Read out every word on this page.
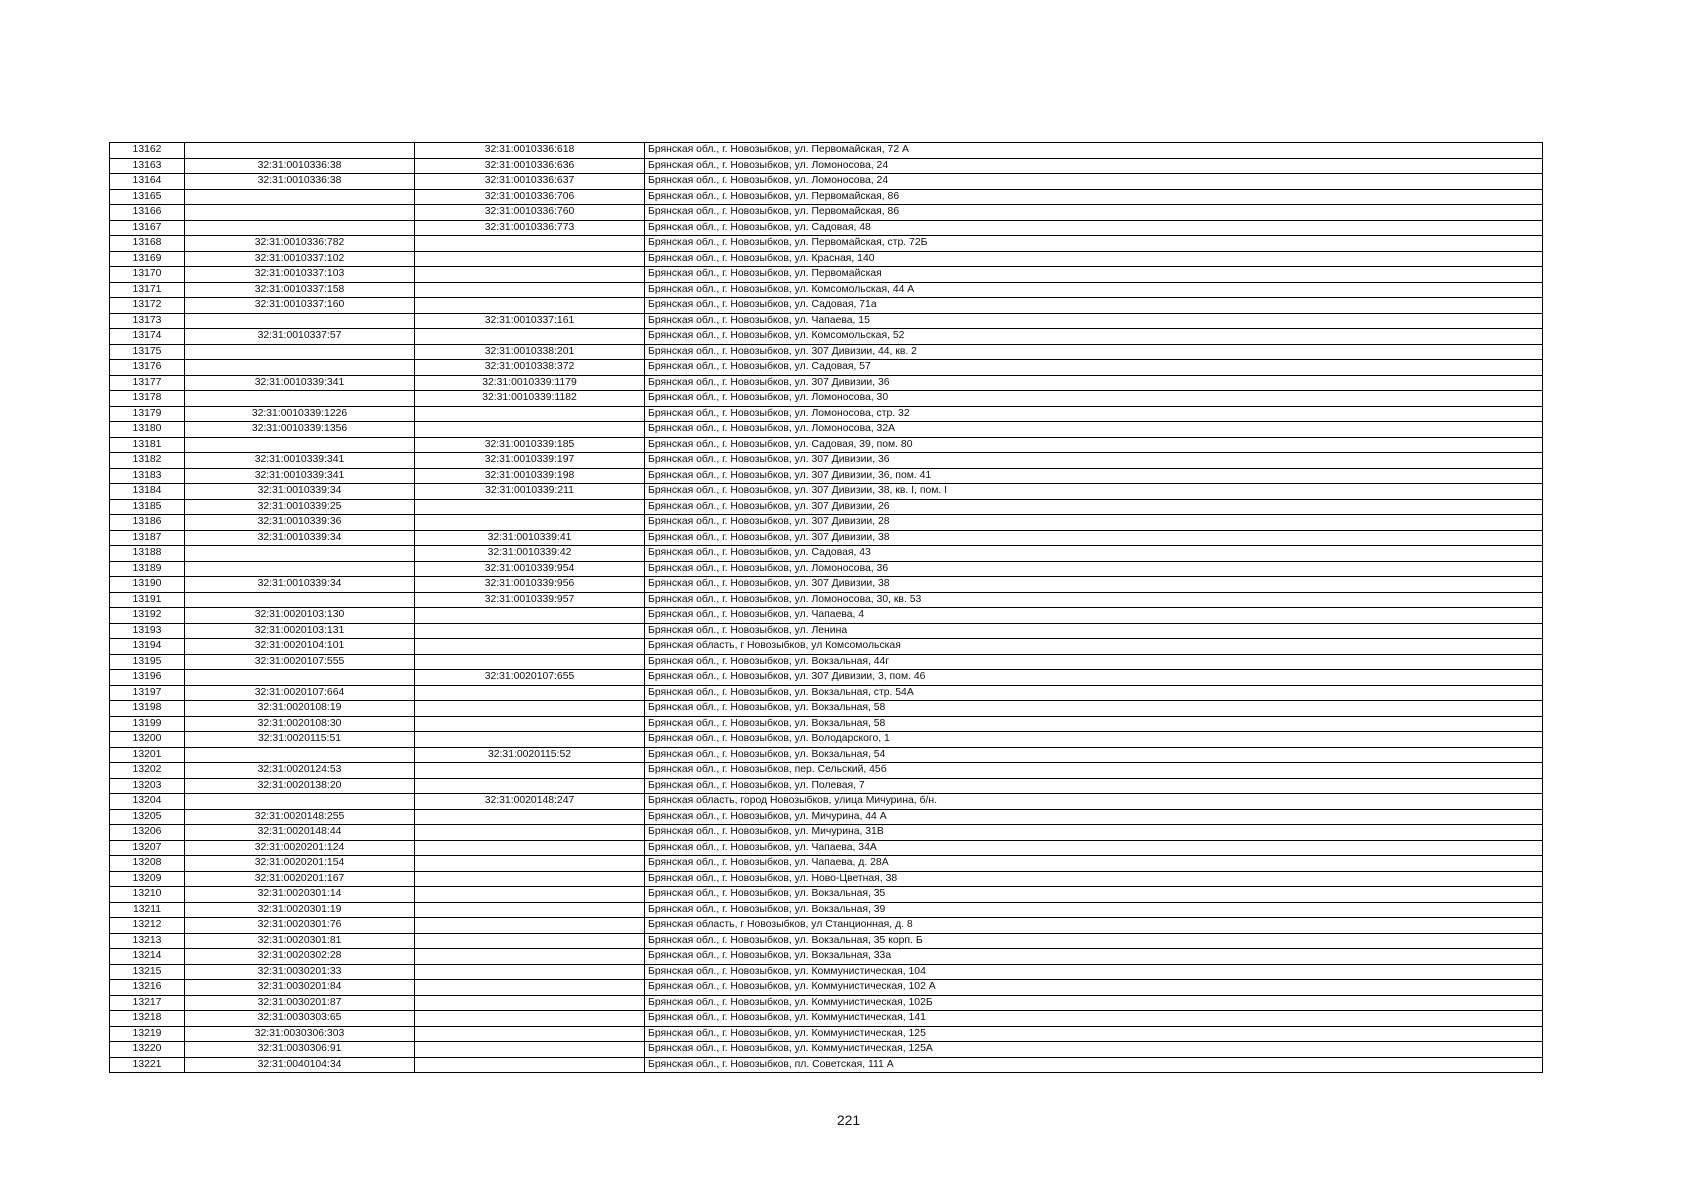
13162		32:31:0010336:618	Брянская обл., г. Новозыбков, ул. Первомайская, 72 А
13163	32:31:0010336:38	32:31:0010336:636	Брянская обл., г. Новозыбков, ул. Ломоносова, 24
13164	32:31:0010336:38	32:31:0010336:637	Брянская обл., г. Новозыбков, ул. Ломоносова, 24
13165		32:31:0010336:706	Брянская обл., г. Новозыбков, ул. Первомайская, 86
13166		32:31:0010336:760	Брянская обл., г. Новозыбков, ул. Первомайская, 86
13167		32:31:0010336:773	Брянская обл., г. Новозыбков, ул. Садовая, 48
13168	32:31:0010336:782		Брянская обл., г. Новозыбков, ул. Первомайская, стр. 72Б
13169	32:31:0010337:102		Брянская обл., г. Новозыбков, ул. Красная, 140
13170	32:31:0010337:103		Брянская обл., г. Новозыбков, ул. Первомайская
13171	32:31:0010337:158		Брянская обл., г. Новозыбков, ул. Комсомольская, 44 А
13172	32:31:0010337:160		Брянская обл., г. Новозыбков, ул. Садовая, 71а
13173		32:31:0010337:161	Брянская обл., г. Новозыбков, ул. Чапаева, 15
13174	32:31:0010337:57		Брянская обл., г. Новозыбков, ул. Комсомольская, 52
13175		32:31:0010338:201	Брянская обл., г. Новозыбков, ул. 307 Дивизии, 44, кв. 2
13176		32:31:0010338:372	Брянская обл., г. Новозыбков, ул. Садовая, 57
13177	32:31:0010339:341	32:31:0010339:1179	Брянская обл., г. Новозыбков, ул. 307 Дивизии, 36
13178		32:31:0010339:1182	Брянская обл., г. Новозыбков, ул. Ломоносова, 30
13179	32:31:0010339:1226		Брянская обл., г. Новозыбков, ул. Ломоносова, стр. 32
13180	32:31:0010339:1356		Брянская обл., г. Новозыбков, ул. Ломоносова, 32А
13181		32:31:0010339:185	Брянская обл., г. Новозыбков, ул. Садовая, 39, пом. 80
13182	32:31:0010339:341	32:31:0010339:197	Брянская обл., г. Новозыбков, ул. 307 Дивизии, 36
13183	32:31:0010339:341	32:31:0010339:198	Брянская обл., г. Новозыбков, ул. 307 Дивизии, 36, пом. 41
13184	32:31:0010339:34	32:31:0010339:211	Брянская обл., г. Новозыбков, ул. 307 Дивизии, 38, кв. I, пом. I
13185	32:31:0010339:25		Брянская обл., г. Новозыбков, ул. 307 Дивизии, 26
13186	32:31:0010339:36		Брянская обл., г. Новозыбков, ул. 307 Дивизии, 28
13187	32:31:0010339:34	32:31:0010339:41	Брянская обл., г. Новозыбков, ул. 307 Дивизии, 38
13188		32:31:0010339:42	Брянская обл., г. Новозыбков, ул. Садовая, 43
13189		32:31:0010339:954	Брянская обл., г. Новозыбков, ул. Ломоносова, 36
13190	32:31:0010339:34	32:31:0010339:956	Брянская обл., г. Новозыбков, ул. 307 Дивизии, 38
13191		32:31:0010339:957	Брянская обл., г. Новозыбков, ул. Ломоносова, 30, кв. 53
13192	32:31:0020103:130		Брянская обл., г. Новозыбков, ул. Чапаева, 4
13193	32:31:0020103:131		Брянская обл., г. Новозыбков, ул. Ленина
13194	32:31:0020104:101		Брянская область, г Новозыбков, ул Комсомольская
13195	32:31:0020107:555		Брянская обл., г. Новозыбков, ул. Вокзальная, 44г
13196		32:31:0020107:655	Брянская обл., г. Новозыбков, ул. 307 Дивизии, 3, пом. 46
13197	32:31:0020107:664		Брянская обл., г. Новозыбков, ул. Вокзальная, стр. 54А
13198	32:31:0020108:19		Брянская обл., г. Новозыбков, ул. Вокзальная, 58
13199	32:31:0020108:30		Брянская обл., г. Новозыбков, ул. Вокзальная, 58
13200	32:31:0020115:51		Брянская обл., г. Новозыбков, ул. Володарского, 1
13201		32:31:0020115:52	Брянская обл., г. Новозыбков, ул. Вокзальная, 54
13202	32:31:0020124:53		Брянская обл., г. Новозыбков, пер. Сельский, 45б
13203	32:31:0020138:20		Брянская обл., г. Новозыбков, ул. Полевая, 7
13204		32:31:0020148:247	Брянская область, город Новозыбков, улица Мичурина, б/н.
13205	32:31:0020148:255		Брянская обл., г. Новозыбков, ул. Мичурина, 44 А
13206	32:31:0020148:44		Брянская обл., г. Новозыбков, ул. Мичурина, 31В
13207	32:31:0020201:124		Брянская обл., г. Новозыбков, ул. Чапаева, 34А
13208	32:31:0020201:154		Брянская обл., г. Новозыбков, ул. Чапаева, д. 28А
13209	32:31:0020201:167		Брянская обл., г. Новозыбков, ул. Ново-Цветная, 38
13210	32:31:0020301:14		Брянская обл., г. Новозыбков, ул. Вокзальная, 35
13211	32:31:0020301:19		Брянская обл., г. Новозыбков, ул. Вокзальная, 39
13212	32:31:0020301:76		Брянская область, г Новозыбков, ул Станционная, д. 8
13213	32:31:0020301:81		Брянская обл., г. Новозыбков, ул. Вокзальная, 35 корп. Б
13214	32:31:0020302:28		Брянская обл., г. Новозыбков, ул. Вокзальная, 33а
13215	32:31:0030201:33		Брянская обл., г. Новозыбков, ул. Коммунистическая, 104
13216	32:31:0030201:84		Брянская обл., г. Новозыбков, ул. Коммунистическая, 102 А
13217	32:31:0030201:87		Брянская обл., г. Новозыбков, ул. Коммунистическая, 102Б
13218	32:31:0030303:65		Брянская обл., г. Новозыбков, ул. Коммунистическая, 141
13219	32:31:0030306:303		Брянская обл., г. Новозыбков, ул. Коммунистическая, 125
13220	32:31:0030306:91		Брянская обл., г. Новозыбков, ул. Коммунистическая, 125А
13221	32:31:0040104:34		Брянская обл., г. Новозыбков, пл. Советская, 111 А
221
